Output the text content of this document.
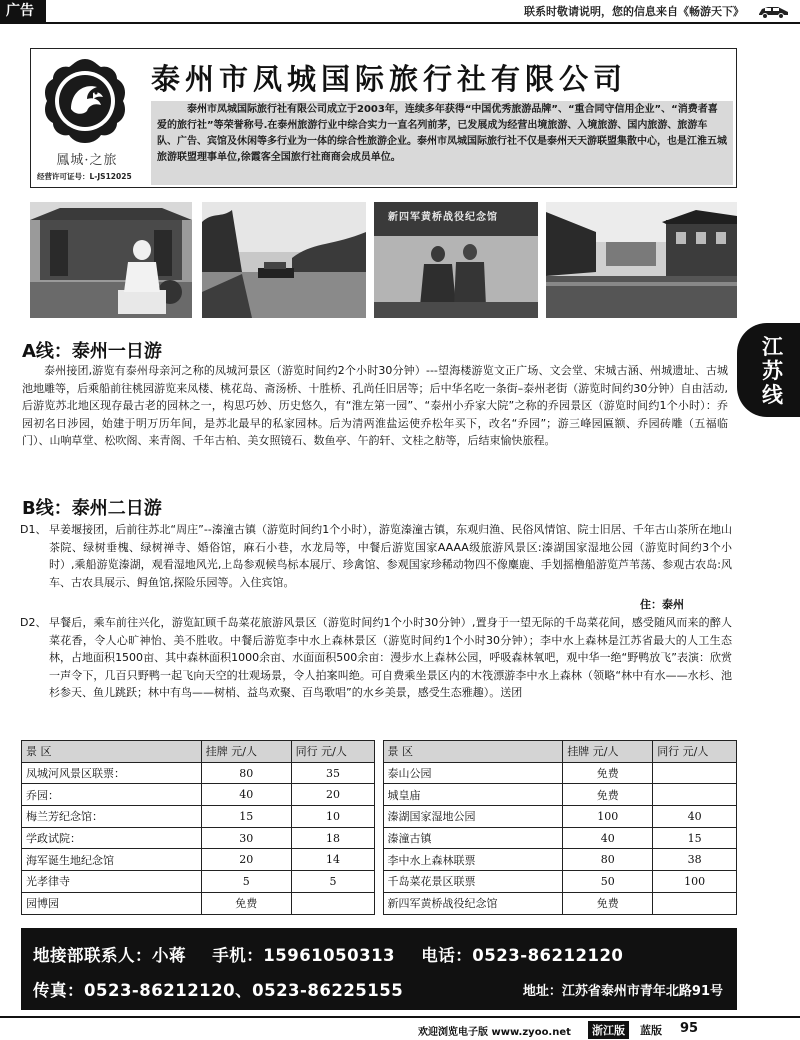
广告	联系时敬请说明，您的信息来自《畅游天下》
鳳城·之旅
经营许可证号：L-JS12025
泰州市凤城国际旅行社有限公司
泰州市凤城国际旅行社有限公司成立于2003年，连续多年获得“中国优秀旅游品牌”、“重合同守信用企业”、“消费者喜爱的旅行社”等荣誉称号.在泰州旅游行业中综合实力一直名列前茅，已发展成为经营出境旅游、入境旅游、国内旅游、旅游车队、广告、宾馆及休闲等多行业为一体的综合性旅游企业。泰州市凤城国际旅行社不仅是泰州天天游联盟集散中心，也是江淮五城旅游联盟理事单位,徐霞客全国旅行社商商会成员单位。
新四军黄桥战役纪念馆
江
苏
线
A线：泰州一日游
泰州接团,游览有泰州母亲河之称的凤城河景区（游览时间约2个小时30分钟）---望海楼游览文正广场、文会堂、宋城古涵、州城遗址、古城池地雕等，后乘船前往桃园游览来凤楼、桃花岛、斋汤桥、十胜桥、孔尚任旧居等；后中华名吃一条街–泰州老街（游览时间约30分钟）自由活动,后游览苏北地区现存最古老的园林之一，构思巧妙、历史悠久，有“淮左第一园”、“泰州小乔家大院”之称的乔园景区（游览时间约1个小时）：乔园初名日涉园，始建于明万历年间，是苏北最早的私家园林。后为清两淮盐运使乔松年买下，改名“乔园”；游三峰园匾额、乔园砖雕（五福临门）、山响草堂、松吹阁、来青阁、千年古柏、美女照镜石、数鱼亭、午韵轩、文桂之舫等，后结束愉快旅程。
B线：泰州二日游
D1、 早姜堰接团，后前往苏北“周庄”--溱潼古镇（游览时间约1个小时），游览溱潼古镇，东观归渔、民俗风情馆、院士旧居、千年古山茶所在地山茶院、绿树垂槐、绿树禅寺、婚俗馆，麻石小巷，水龙局等，中餐后游览国家AAAA级旅游风景区:溱湖国家湿地公园（游览时间约3个小时）,乘船游览溱湖，观看湿地风光,上岛参观候鸟标本展厅、珍禽馆、参观国家珍稀动物四不像麋鹿、手划摇橹船游览芦苇荡、参观古农岛:风车、古农具展示、鲟鱼馆,探险乐园等。入住宾馆。
住：泰州
D2、 早餐后，乘车前往兴化，游览缸顾千岛菜花旅游风景区（游览时间约1个小时30分钟）,置身于一望无际的千岛菜花间，感受随风而来的醉人菜花香，令人心旷神怡、美不胜收。中餐后游览李中水上森林景区（游览时间约1个小时30分钟）；李中水上森林是江苏省最大的人工生态林，占地面积1500亩、其中森林面积1000余亩、水面面积500余亩：漫步水上森林公园，呼吸森林氧吧，观中华一绝“野鸭放飞”表演：欣赏一声令下，几百只野鸭一起飞向天空的壮观场景，令人拍案叫绝。可自费乘坐景区内的木筏漂游李中水上森林（领略“林中有水——水杉、池杉参天、鱼儿跳跃；林中有鸟——树梢、益鸟欢聚、百鸟歌唱”的水乡美景，感受生态雅趣）。送团
景 区	挂牌 元/人	同行 元/人		景 区	挂牌 元/人	同行 元/人
凤城河风景区联票：	80	35		泰山公园	免费	
乔园：	40	20		城皇庙	免费	
梅兰芳纪念馆：	15	10		溱湖国家湿地公园	100	40
学政试院：	30	18		溱潼古镇	40	15
海军诞生地纪念馆	20	14		李中水上森林联票	80	38
光孝律寺	5	5		千岛菜花景区联票	50	100
园博园	免费			新四军黄桥战役纪念馆	免费	
地接部联系人：小蒋 手机：15961050313 电话：0523-86212120
传真：0523-86212120、0523-86225155	地址：江苏省泰州市青年北路91号
欢迎浏览电子版 www.zyoo.net	浙江版	蓝版 95
